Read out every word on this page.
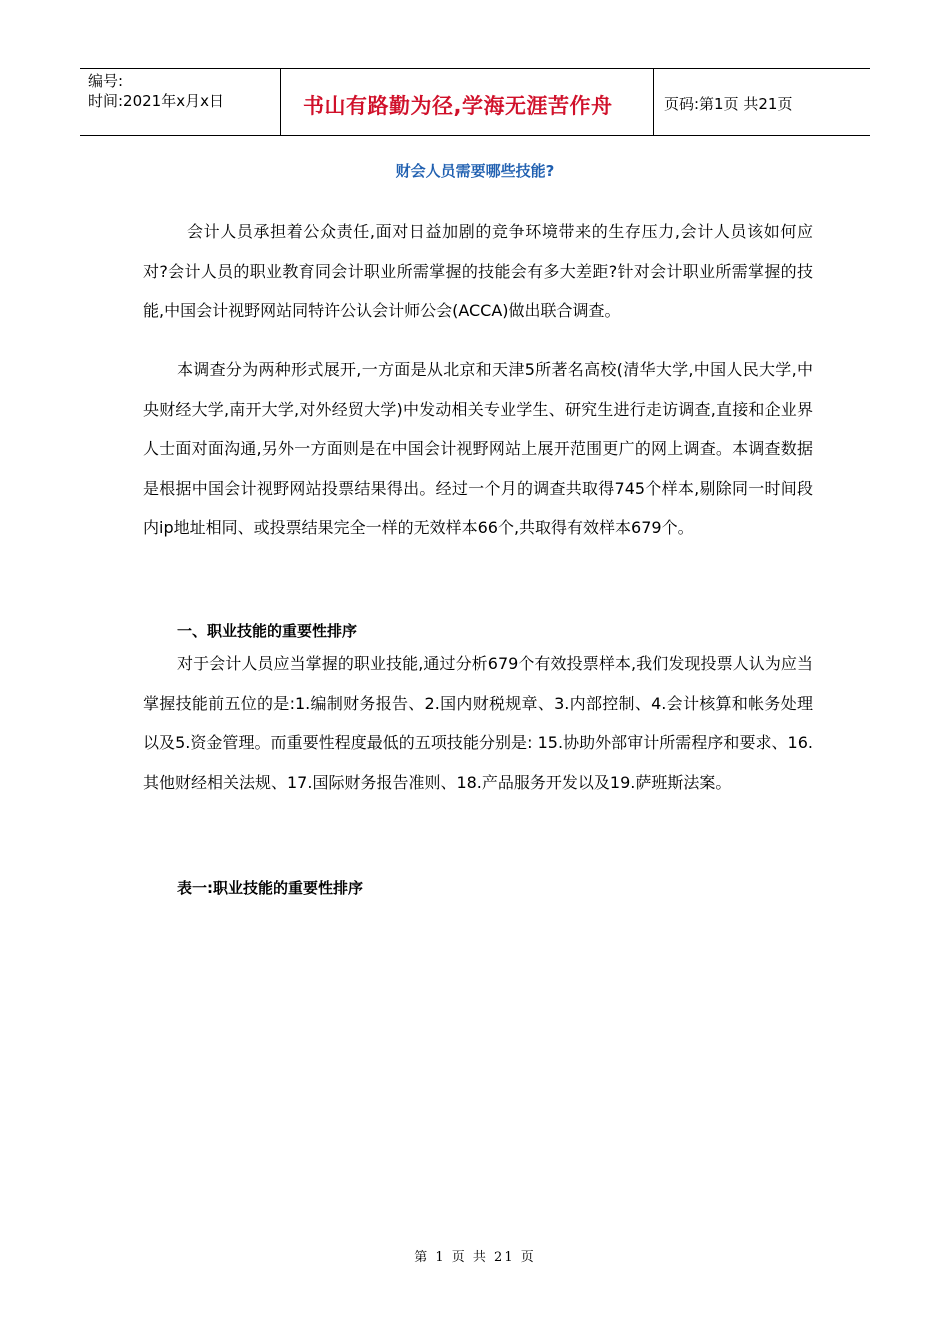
编号:
时间:2021年x月x日	书山有路勤为径,学海无涯苦作舟	页码:第1页 共21页
财会人员需要哪些技能?

会计人员承担着公众责任,面对日益加剧的竞争环境带来的生存压力,会计人员该如何应对?会计人员的职业教育同会计职业所需掌握的技能会有多大差距?针对会计职业所需掌握的技能,中国会计视野网站同特许公认会计师公会(ACCA)做出联合调查。

本调查分为两种形式展开,一方面是从北京和天津5所著名高校(清华大学,中国人民大学,中央财经大学,南开大学,对外经贸大学)中发动相关专业学生、研究生进行走访调查,直接和企业界人士面对面沟通,另外一方面则是在中国会计视野网站上展开范围更广的网上调查。本调查数据是根据中国会计视野网站投票结果得出。经过一个月的调查共取得745个样本,剔除同一时间段内ip地址相同、或投票结果完全一样的无效样本66个,共取得有效样本679个。

一、职业技能的重要性排序

对于会计人员应当掌握的职业技能,通过分析679个有效投票样本,我们发现投票人认为应当掌握技能前五位的是:1.编制财务报告、2.国内财税规章、3.内部控制、4.会计核算和帐务处理以及5.资金管理。而重要性程度最低的五项技能分别是: 15.协助外部审计所需程序和要求、16.其他财经相关法规、17.国际财务报告准则、18.产品服务开发以及19.萨班斯法案。

表一:职业技能的重要性排序
第 1 页 共 21 页
